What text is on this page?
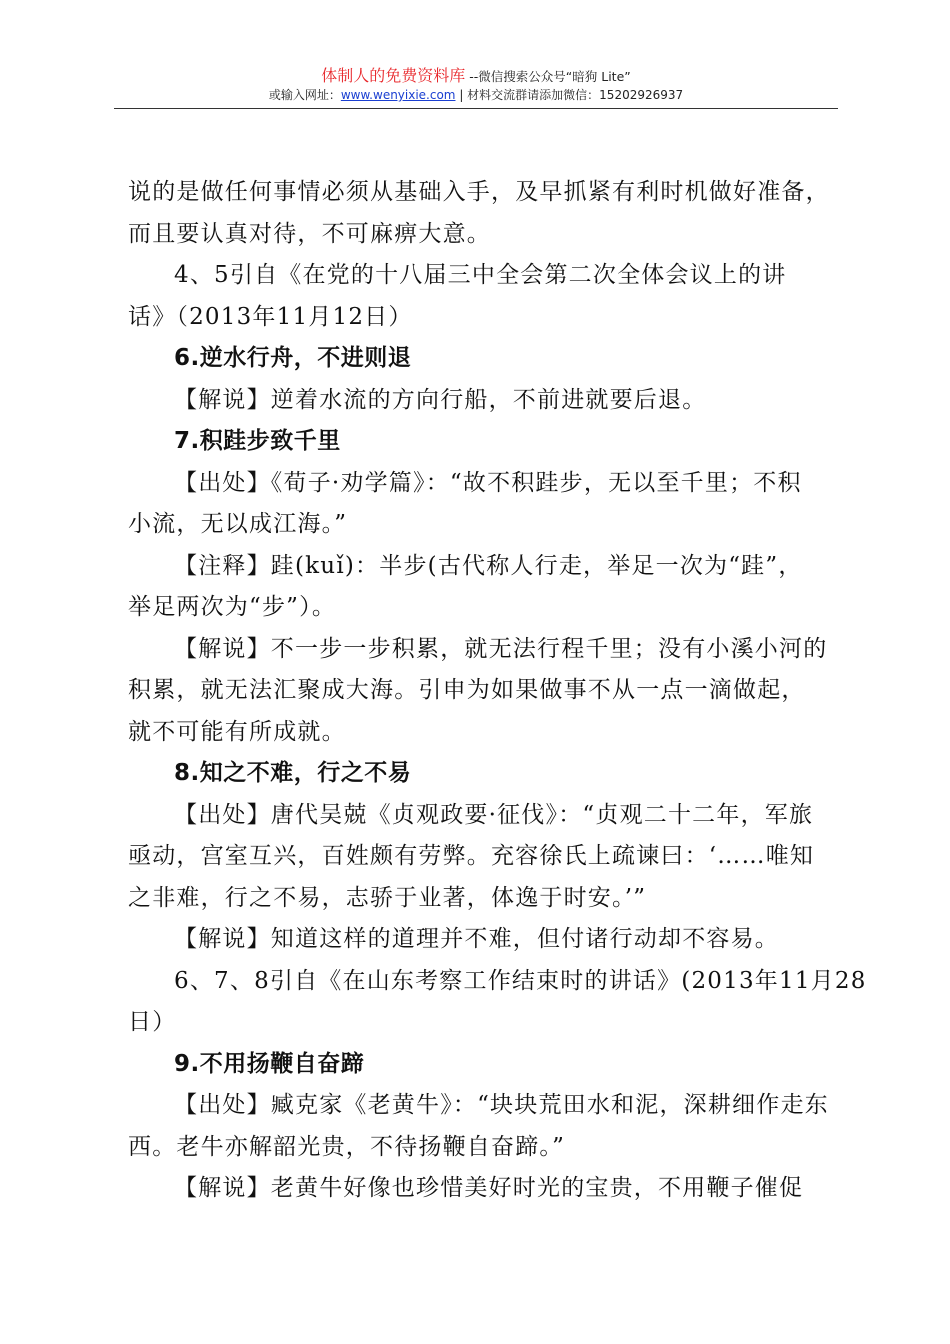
体制人的免费资料库 --微信搜索公众号“暗狗 Lite”
或输入网址：www.wenyixie.com | 材料交流群请添加微信：15202926937

说的是做任何事情必须从基础入手，及早抓紧有利时机做好准备，

而且要认真对待，不可麻痹大意。

4、5引自《在党的十八届三中全会第二次全体会议上的讲

话》（2013年11月12日）

6.逆水行舟，不进则退

【解说】逆着水流的方向行船，不前进就要后退。

7.积跬步致千里

【出处】《荀子·劝学篇》：“故不积跬步，无以至千里；不积

小流，无以成江海。”

【注释】跬(kuǐ)：半步(古代称人行走，举足一次为“跬”，

举足两次为“步”）。

【解说】不一步一步积累，就无法行程千里；没有小溪小河的

积累，就无法汇聚成大海。引申为如果做事不从一点一滴做起，

就不可能有所成就。

8.知之不难，行之不易

【出处】唐代吴兢《贞观政要·征伐》：“贞观二十二年，军旅

亟动，宫室互兴，百姓颇有劳弊。充容徐氏上疏谏曰：‘……唯知

之非难，行之不易，志骄于业著，体逸于时安。’”

【解说】知道这样的道理并不难，但付诸行动却不容易。

6、7、8引自《在山东考察工作结束时的讲话》(2013年11月28

日）

9.不用扬鞭自奋蹄

【出处】臧克家《老黄牛》：“块块荒田水和泥，深耕细作走东

西。老牛亦解韶光贵，不待扬鞭自奋蹄。”

【解说】老黄牛好像也珍惜美好时光的宝贵，不用鞭子催促
